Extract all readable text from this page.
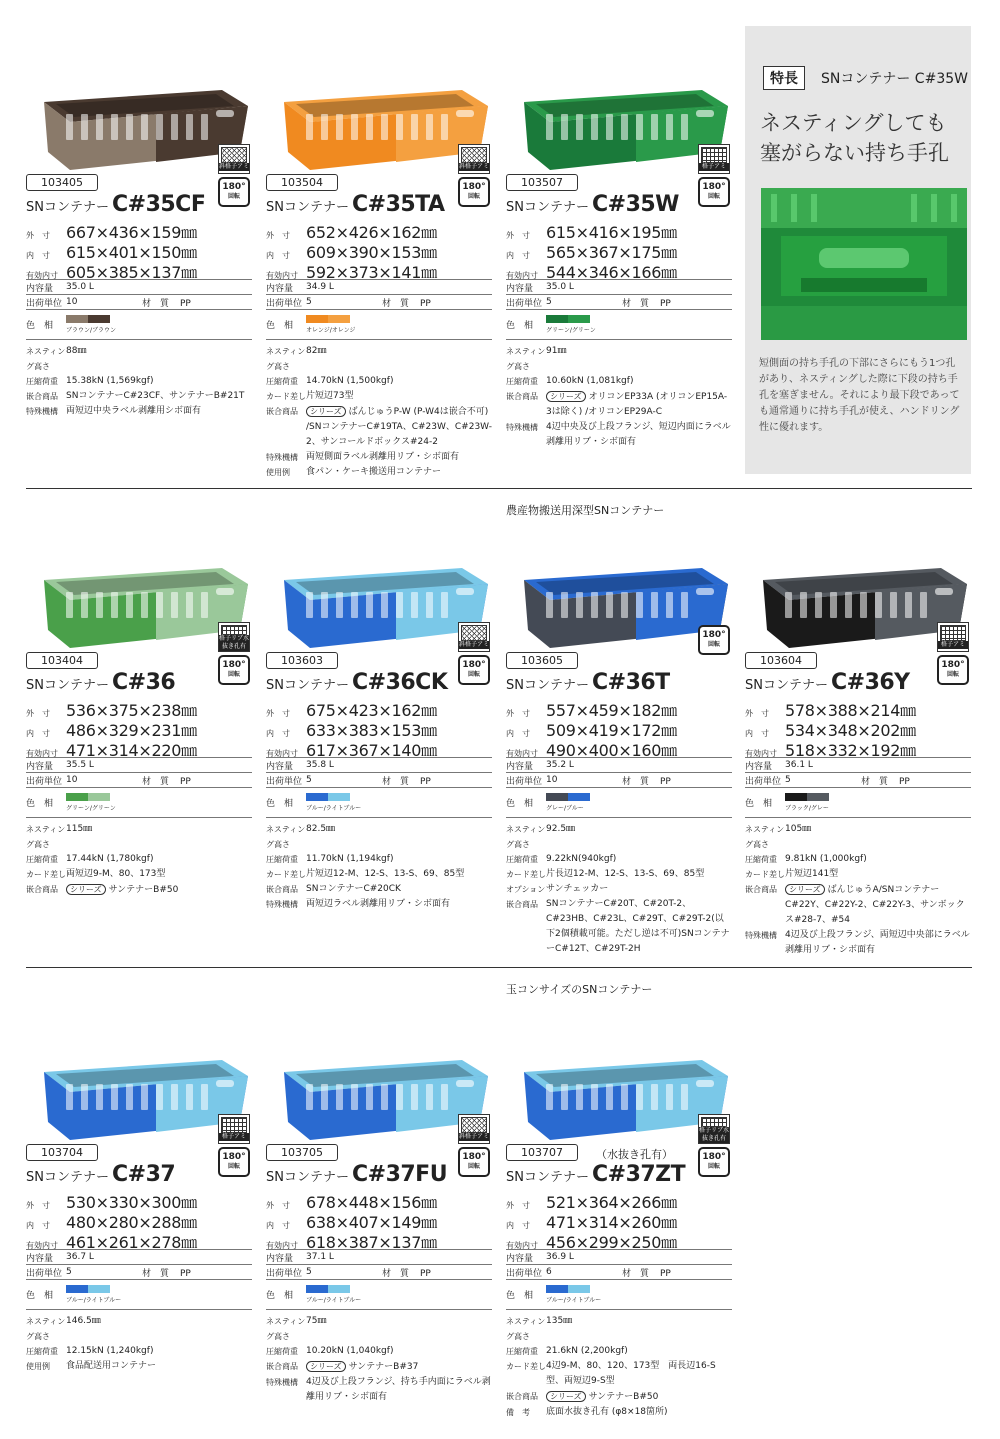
特長	SNコンテナー C#35W
ネスティングしても
塞がらない持ち手孔
短側面の持ち手孔の下部にさらにもう1つ孔があり、ネスティングした際に下段の持ち手孔を塞ぎません。それにより最下段であっても通常通りに持ち手孔が使え、ハンドリング性に優れます。
農産物搬送用深型SNコンテナー
玉コンサイズのSNコンテナー
斜格子アミ
180°
回転
103405
SNコンテナー C#35CF
外　寸	667×436×159㎜
内　寸	615×401×150㎜
有効内寸 605×385×137㎜
内容量	35.0 L
出荷単位 10	材　質 PP
色　相	ブラウン/ブラウン
ネスティング高さ
88㎜
圧縮荷重 15.38kN (1,569kgf)
嵌合商品 SNコンテナーC#23CF、サンテナーB#21T
特殊機構 両短辺中央ラベル剥離用シボ面有
斜格子アミ
180°
回転
103504
SNコンテナー C#35TA
外　寸	652×426×162㎜
内　寸	609×390×153㎜
有効内寸 592×373×141㎜
内容量	34.9 L
出荷単位 5	材　質 PP
色　相	オレンジ/オレンジ
ネスティング高さ
82㎜
圧縮荷重 14.70kN (1,500kgf)
カード差し 片短辺73型
嵌合商品	シリーズ ばんじゅうP-W (P-W4は嵌合不可) /SNコンテナーC#19TA、C#23W、C#23W-2、サンコールドボックス#24-2
特殊機構 両短側面ラベル剥離用リブ・シボ面有
使用例	食パン・ケーキ搬送用コンテナー
格子アミ
180°
回転
103507
SNコンテナー C#35W
外　寸	615×416×195㎜
内　寸	565×367×175㎜
有効内寸 544×346×166㎜
内容量	35.0 L
出荷単位 5	材　質 PP
色　相	グリーン/グリーン
ネスティング高さ
91㎜
圧縮荷重 10.60kN (1,081kgf)
嵌合商品	シリーズ オリコンEP33A (オリコンEP15A-3は除く) /オリコンEP29A-C
特殊機構 4辺中央及び上段フランジ、短辺内面にラベル剥離用リブ・シボ面有
格子リブ水抜き孔有
180°
回転
103404
SNコンテナー C#36
外　寸	536×375×238㎜
内　寸	486×329×231㎜
有効内寸 471×314×220㎜
内容量	35.5 L
出荷単位 10	材　質 PP
色　相	グリーン/グリーン
ネスティング高さ
115㎜
圧縮荷重 17.44kN (1,780kgf)
カード差し 両短辺9-M、80、173型
嵌合商品	シリーズ サンテナーB#50
斜格子アミ
180°
回転
103603
SNコンテナー C#36CK
外　寸	675×423×162㎜
内　寸	633×383×153㎜
有効内寸 617×367×140㎜
内容量	35.8 L
出荷単位 5	材　質 PP
色　相	ブルー/ライトブルー
ネスティング高さ
82.5㎜
圧縮荷重 11.70kN (1,194kgf)
カード差し 片短辺12-M、12-S、13-S、69、85型
嵌合商品 SNコンテナーC#20CK
特殊機構 両短辺ラベル剥離用リブ・シボ面有
180°
回転
103605
SNコンテナー C#36T
外　寸	557×459×182㎜
内　寸	509×419×172㎜
有効内寸 490×400×160㎜
内容量	35.2 L
出荷単位 10	材　質 PP
色　相	グレー/ブルー
ネスティング高さ
92.5㎜
圧縮荷重 9.22kN(940kgf)
カード差し 片長辺12-M、12-S、13-S、69、85型
オプション サンチェッカー
嵌合商品 SNコンテナーC#20T、C#20T-2、C#23HB、C#23L、C#29T、C#29T-2(以下2個積載可能。ただし逆は不可)SNコンテナーC#12T、C#29T-2H
格子アミ
180°
回転
103604
SNコンテナー C#36Y
外　寸	578×388×214㎜
内　寸	534×348×202㎜
有効内寸 518×332×192㎜
内容量	36.1 L
出荷単位 5	材　質 PP
色　相	ブラック/グレー
ネスティング高さ
105㎜
圧縮荷重 9.81kN (1,000kgf)
カード差し 片短辺141型
嵌合商品	シリーズ ばんじゅうA/SNコンテナーC#22Y、C#22Y-2、C#22Y-3、サンボックス#28-7、#54
特殊機構 4辺及び上段フランジ、両短辺中央部にラベル剥離用リブ・シボ面有
格子アミ
180°
回転
103704
SNコンテナー C#37
外　寸	530×330×300㎜
内　寸	480×280×288㎜
有効内寸 461×261×278㎜
内容量	36.7 L
出荷単位 5	材　質 PP
色　相	ブルー/ライトブルー
ネスティング高さ
146.5㎜
圧縮荷重 12.15kN (1,240kgf)
使用例	食品配送用コンテナー
斜格子アミ
180°
回転
103705
SNコンテナー C#37FU
外　寸	678×448×156㎜
内　寸	638×407×149㎜
有効内寸 618×387×137㎜
内容量	37.1 L
出荷単位 5	材　質 PP
色　相	ブルー/ライトブルー
ネスティング高さ
75㎜
圧縮荷重 10.20kN (1,040kgf)
嵌合商品	シリーズ サンテナーB#37
特殊機構 4辺及び上段フランジ、持ち手内面にラベル剥離用リブ・シボ面有
格子リブ水抜き孔有
180°
回転
103707	（水抜き孔有）
SNコンテナー C#37ZT
外　寸	521×364×266㎜
内　寸	471×314×260㎜
有効内寸 456×299×250㎜
内容量	36.9 L
出荷単位 6	材　質 PP
色　相	ブルー/ライトブルー
ネスティング高さ
135㎜
圧縮荷重 21.6kN (2,200kgf)
カード差し 4辺9-M、80、120、173型　両長辺16-S型、両短辺9-S型
嵌合商品	シリーズ サンテナーB#50
備　考	底面水抜き孔有 (φ8×18箇所)
